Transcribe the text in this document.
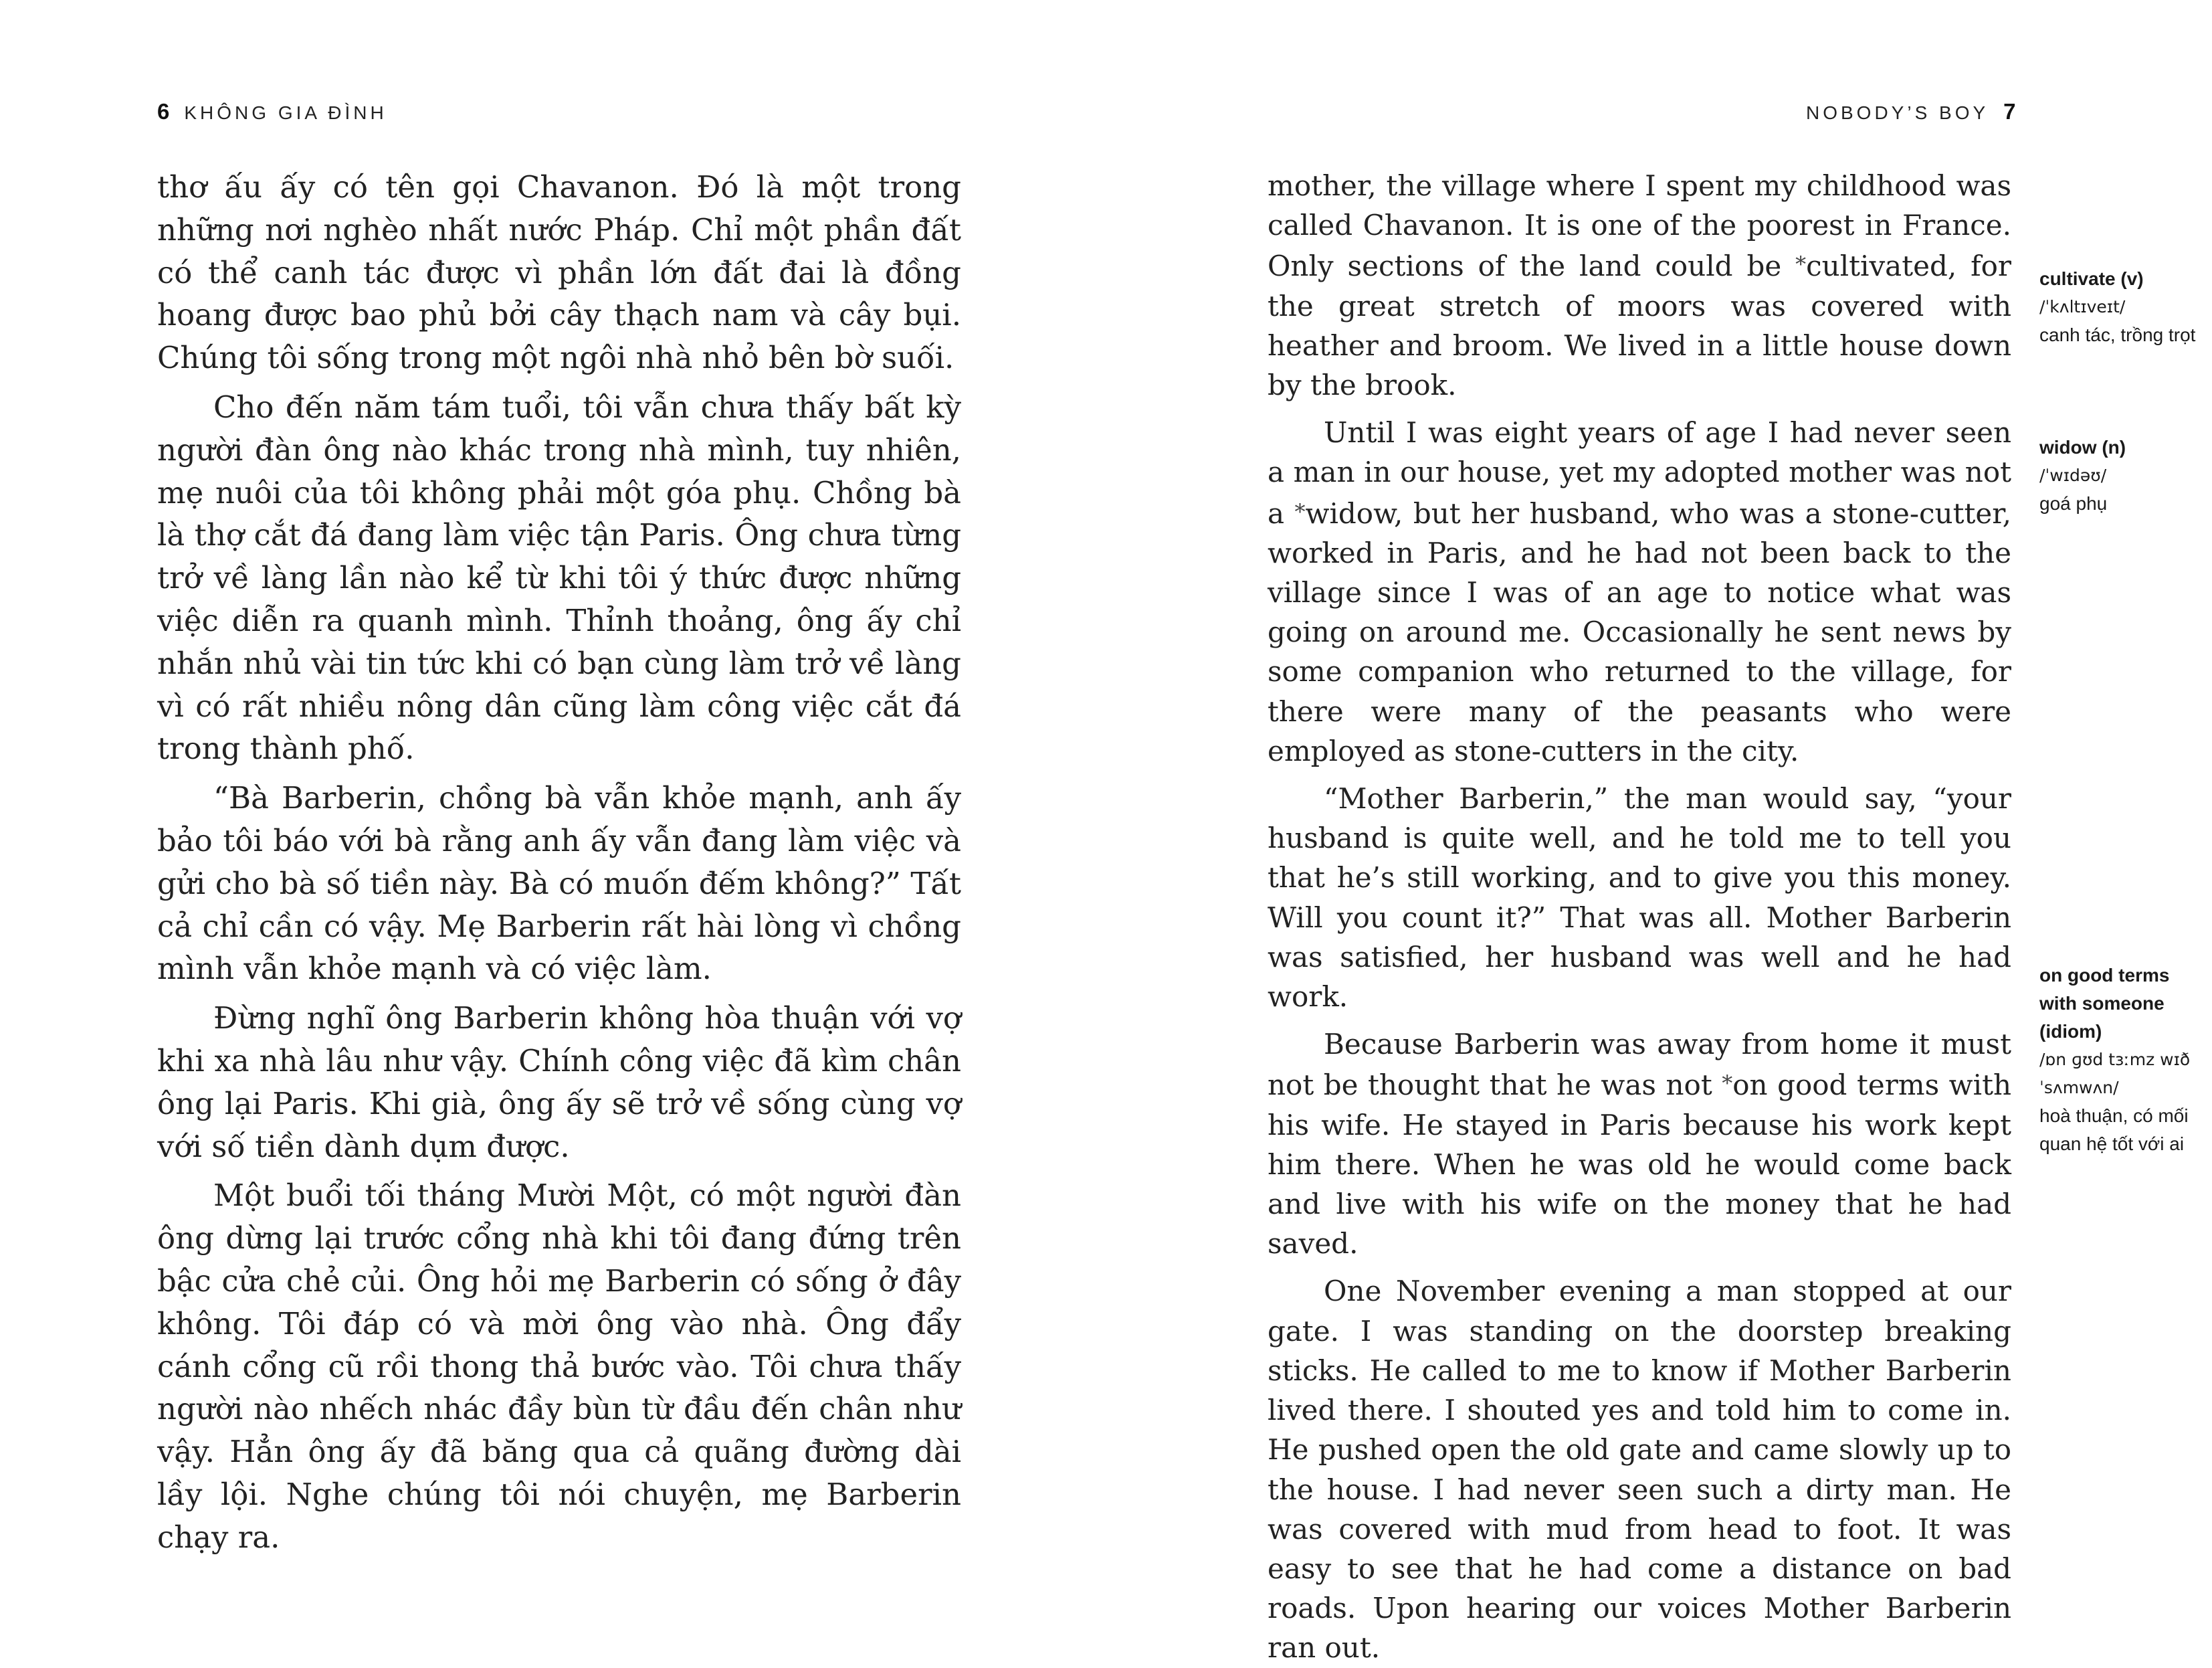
6 KHÔNG GIA ĐÌNH	NOBODY’S BOY 7

thơ ấu ấy có tên gọi Chavanon. Đó là một trong những nơi nghèo nhất nước Pháp. Chỉ một phần đất có thể canh tác được vì phần lớn đất đai là đồng hoang được bao phủ bởi cây thạch nam và cây bụi. Chúng tôi sống trong một ngôi nhà nhỏ bên bờ suối.

Cho đến năm tám tuổi, tôi vẫn chưa thấy bất kỳ người đàn ông nào khác trong nhà mình, tuy nhiên, mẹ nuôi của tôi không phải một góa phụ. Chồng bà là thợ cắt đá đang làm việc tận Paris. Ông chưa từng trở về làng lần nào kể từ khi tôi ý thức được những việc diễn ra quanh mình. Thỉnh thoảng, ông ấy chỉ nhắn nhủ vài tin tức khi có bạn cùng làm trở về làng vì có rất nhiều nông dân cũng làm công việc cắt đá trong thành phố.

“Bà Barberin, chồng bà vẫn khỏe mạnh, anh ấy bảo tôi báo với bà rằng anh ấy vẫn đang làm việc và gửi cho bà số tiền này. Bà có muốn đếm không?” Tất cả chỉ cần có vậy. Mẹ Barberin rất hài lòng vì chồng mình vẫn khỏe mạnh và có việc làm.

Đừng nghĩ ông Barberin không hòa thuận với vợ khi xa nhà lâu như vậy. Chính công việc đã kìm chân ông lại Paris. Khi già, ông ấy sẽ trở về sống cùng vợ với số tiền dành dụm được.

Một buổi tối tháng Mười Một, có một người đàn ông dừng lại trước cổng nhà khi tôi đang đứng trên bậc cửa chẻ củi. Ông hỏi mẹ Barberin có sống ở đây không. Tôi đáp có và mời ông vào nhà. Ông đẩy cánh cổng cũ rồi thong thả bước vào. Tôi chưa thấy người nào nhếch nhác đầy bùn từ đầu đến chân như vậy. Hẳn ông ấy đã băng qua cả quãng đường dài lầy lội. Nghe chúng tôi nói chuyện, mẹ Barberin chạy ra.

mother, the village where I spent my childhood was called Chavanon. It is one of the poorest in France. Only sections of the land could be *cultivated, for the great stretch of moors was covered with heather and broom. We lived in a little house down by the brook.

Until I was eight years of age I had never seen a man in our house, yet my adopted mother was not a *widow, but her husband, who was a stone-cutter, worked in Paris, and he had not been back to the village since I was of an age to notice what was going on around me. Occasionally he sent news by some companion who returned to the village, for there were many of the peasants who were employed as stone-cutters in the city.

“Mother Barberin,” the man would say, “your husband is quite well, and he told me to tell you that he’s still working, and to give you this money. Will you count it?” That was all. Mother Barberin was satisfied, her husband was well and he had work.

Because Barberin was away from home it must not be thought that he was not *on good terms with his wife. He stayed in Paris because his work kept him there. When he was old he would come back and live with his wife on the money that he had saved.

One November evening a man stopped at our gate. I was standing on the doorstep breaking sticks. He called to me to know if Mother Barberin lived there. I shouted yes and told him to come in. He pushed open the old gate and came slowly up to the house. I had never seen such a dirty man. He was covered with mud from head to foot. It was easy to see that he had come a distance on bad roads. Upon hearing our voices Mother Barberin ran out.

cultivate (v)
/ˈkʌltɪveɪt/
canh tác, trồng trọt
widow (n)
/ˈwɪdəʊ/
goá phụ
on good terms with someone (idiom)
/ɒn ɡʊd tɜːmz wɪð ˈsʌmwʌn/
hoà thuận, có mối quan hệ tốt với ai
